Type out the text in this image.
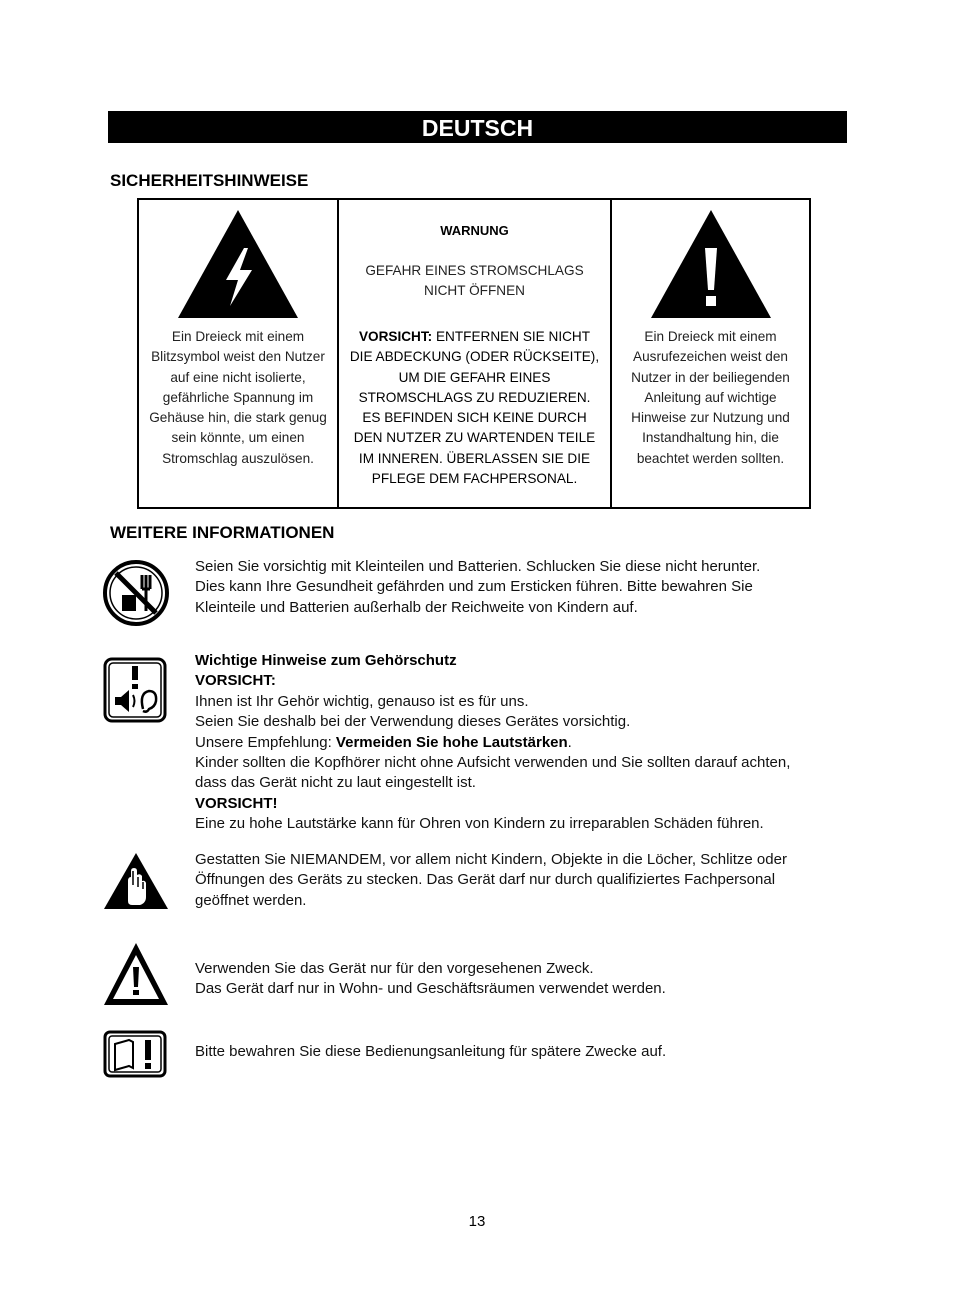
DEUTSCH
SICHERHEITSHINWEISE
Ein Dreieck mit einem
Blitzsymbol weist den Nutzer
auf eine nicht isolierte,
gefährliche Spannung im
Gehäuse hin, die stark genug
sein könnte, um einen
Stromschlag auszulösen.
WARNUNG
GEFAHR EINES STROMSCHLAGS
NICHT ÖFFNEN
VORSICHT: ENTFERNEN SIE NICHT
DIE ABDECKUNG (ODER RÜCKSEITE),
UM DIE GEFAHR EINES
STROMSCHLAGS ZU REDUZIEREN.
ES BEFINDEN SICH KEINE DURCH
DEN NUTZER ZU WARTENDEN TEILE
IM INNEREN. ÜBERLASSEN SIE DIE
PFLEGE DEM FACHPERSONAL.
Ein Dreieck mit einem
Ausrufezeichen weist den
Nutzer in der beiliegenden
Anleitung auf wichtige
Hinweise zur Nutzung und
Instandhaltung hin, die
beachtet werden sollten.
WEITERE INFORMATIONEN
Seien Sie vorsichtig mit Kleinteilen und Batterien. Schlucken Sie diese nicht herunter.
Dies kann Ihre Gesundheit gefährden und zum Ersticken führen. Bitte bewahren Sie
Kleinteile und Batterien außerhalb der Reichweite von Kindern auf.
Wichtige Hinweise zum Gehörschutz
VORSICHT:
Ihnen ist Ihr Gehör wichtig, genauso ist es für uns.
Seien Sie deshalb bei der Verwendung dieses Gerätes vorsichtig.
Unsere Empfehlung: Vermeiden Sie hohe Lautstärken.
Kinder sollten die Kopfhörer nicht ohne Aufsicht verwenden und Sie sollten darauf achten,
dass das Gerät nicht zu laut eingestellt ist.
VORSICHT!
Eine zu hohe Lautstärke kann für Ohren von Kindern zu irreparablen Schäden führen.
Gestatten Sie NIEMANDEM, vor allem nicht Kindern, Objekte in die Löcher, Schlitze oder
Öffnungen des Geräts zu stecken. Das Gerät darf nur durch qualifiziertes Fachpersonal
geöffnet werden.
Verwenden Sie das Gerät nur für den vorgesehenen Zweck.
Das Gerät darf nur in Wohn- und Geschäftsräumen verwendet werden.
Bitte bewahren Sie diese Bedienungsanleitung für spätere Zwecke auf.
13
